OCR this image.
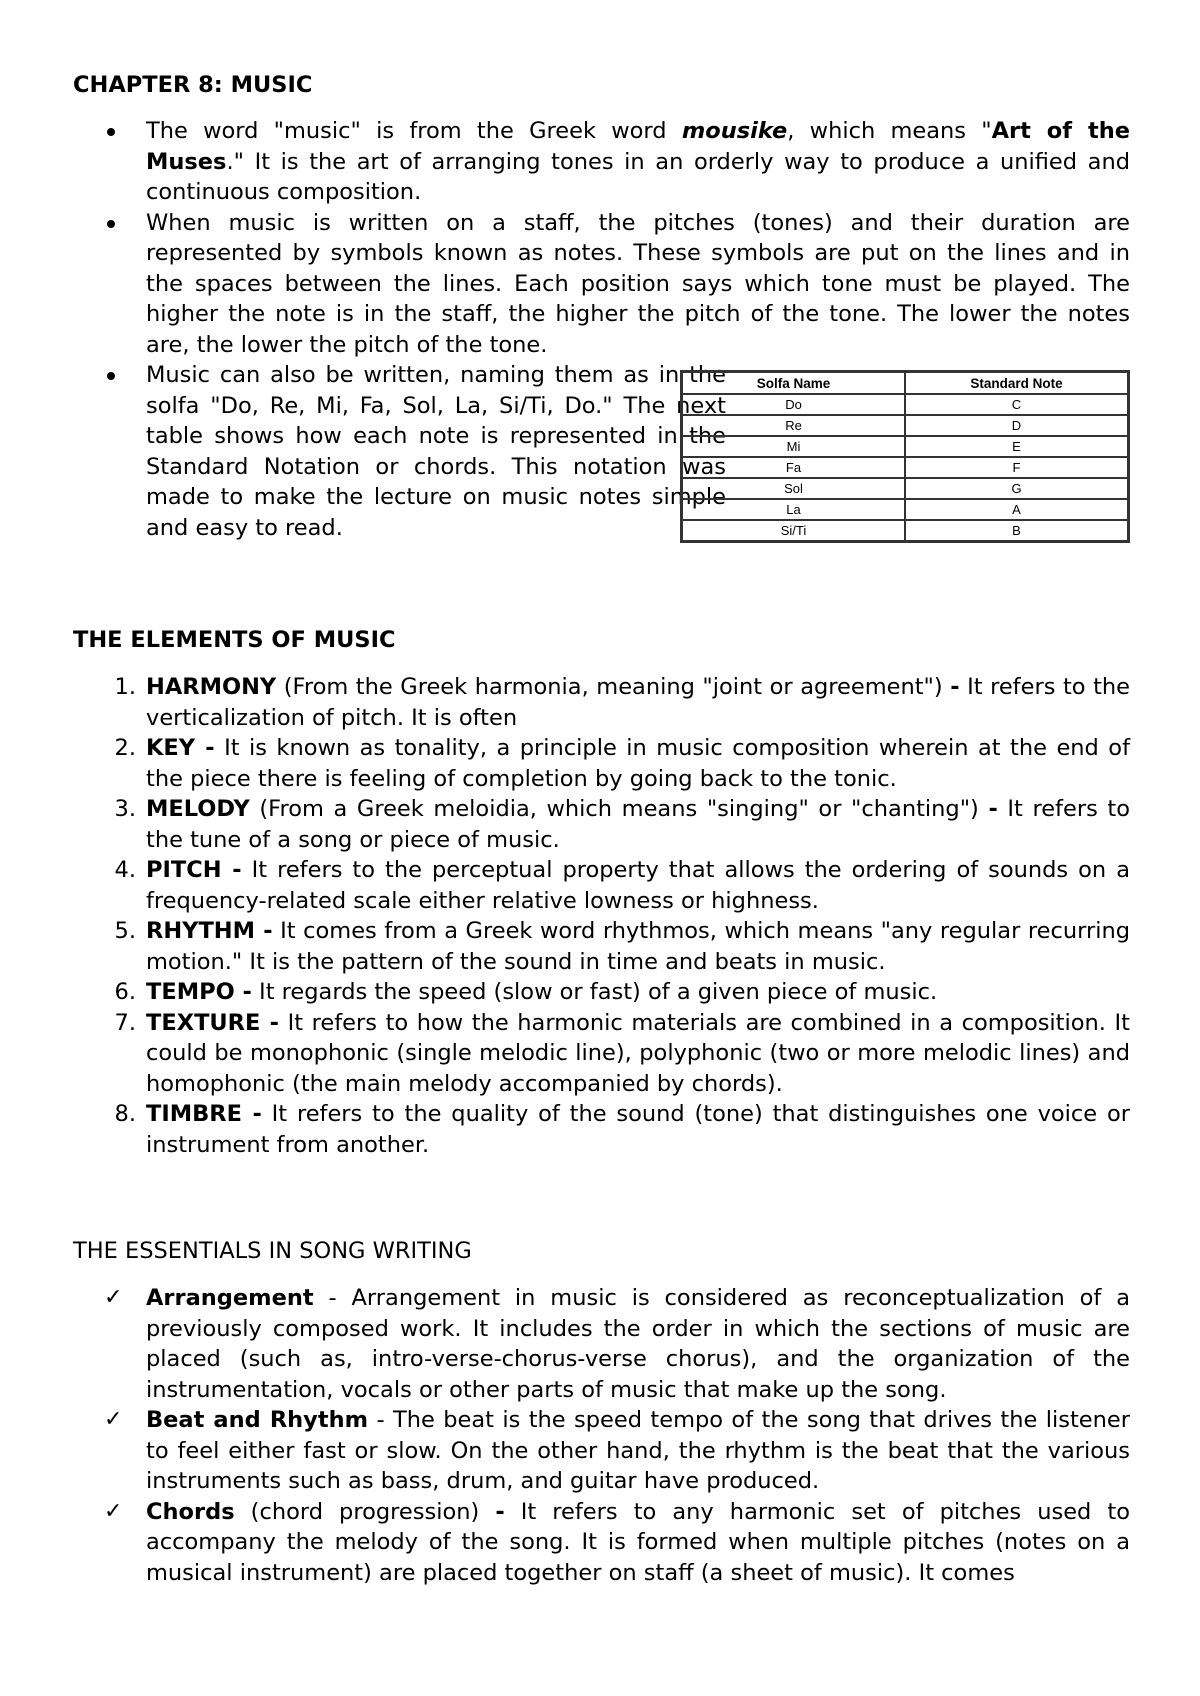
CHAPTER 8: MUSIC
The word "music" is from the Greek word mousike, which means "Art of the Muses." It is the art of arranging tones in an orderly way to produce a unified and continuous composition.
When music is written on a staff, the pitches (tones) and their duration are represented by symbols known as notes. These symbols are put on the lines and in the spaces between the lines. Each position says which tone must be played. The higher the note is in the staff, the higher the pitch of the tone. The lower the notes are, the lower the pitch of the tone.
Music can also be written, naming them as in the solfa "Do, Re, Mi, Fa, Sol, La, Si/Ti, Do." The next table shows how each note is represented in the Standard Notation or chords. This notation was made to make the lecture on music notes simple and easy to read.
Solfa Name	Standard Note
Do	C
Re	D
Mi	E
Fa	F
Sol	G
La	A
Si/Ti	B
THE ELEMENTS OF MUSIC
1. HARMONY (From the Greek harmonia, meaning "joint or agreement") - It refers to the verticalization of pitch. It is often
2. KEY - It is known as tonality, a principle in music composition wherein at the end of the piece there is feeling of completion by going back to the tonic.
3. MELODY (From a Greek meloidia, which means "singing" or "chanting") - It refers to the tune of a song or piece of music.
4. PITCH - It refers to the perceptual property that allows the ordering of sounds on a frequency-related scale either relative lowness or highness.
5. RHYTHM - It comes from a Greek word rhythmos, which means "any regular recurring motion." It is the pattern of the sound in time and beats in music.
6. TEMPO - It regards the speed (slow or fast) of a given piece of music.
7. TEXTURE - It refers to how the harmonic materials are combined in a composition. It could be monophonic (single melodic line), polyphonic (two or more melodic lines) and homophonic (the main melody accompanied by chords).
8. TIMBRE - It refers to the quality of the sound (tone) that distinguishes one voice or instrument from another.
THE ESSENTIALS IN SONG WRITING
✓ Arrangement - Arrangement in music is considered as reconceptualization of a previously composed work. It includes the order in which the sections of music are placed (such as, intro-verse-chorus-verse chorus), and the organization of the instrumentation, vocals or other parts of music that make up the song.
✓ Beat and Rhythm - The beat is the speed tempo of the song that drives the listener to feel either fast or slow. On the other hand, the rhythm is the beat that the various instruments such as bass, drum, and guitar have produced.
✓ Chords (chord progression) - It refers to any harmonic set of pitches used to accompany the melody of the song. It is formed when multiple pitches (notes on a musical instrument) are placed together on staff (a sheet of music). It comes
